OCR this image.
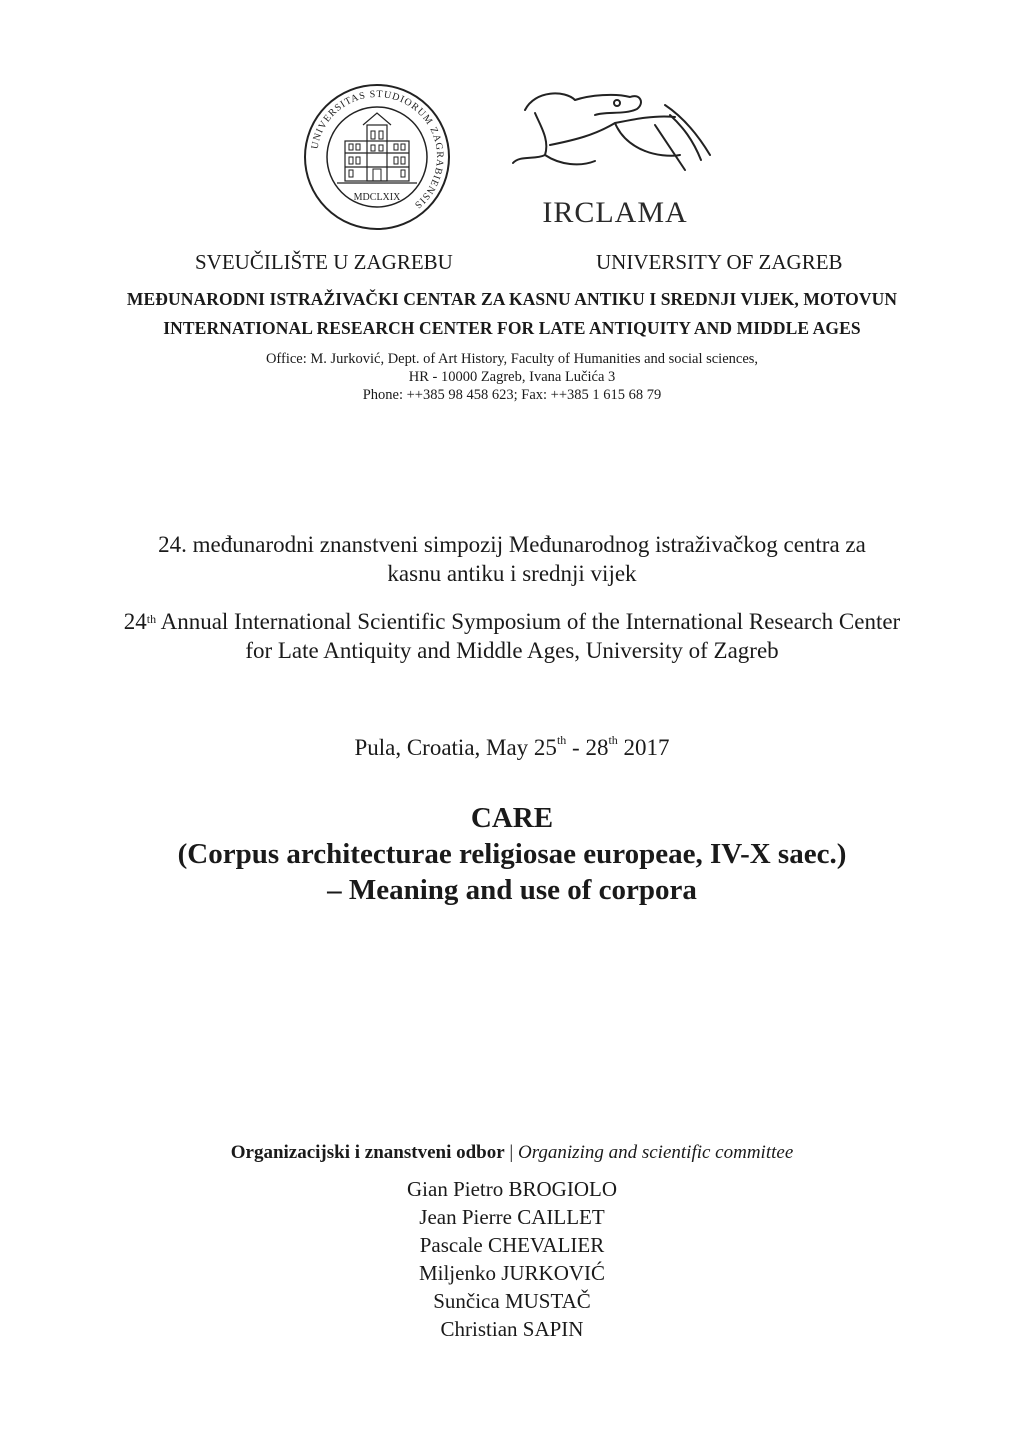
UNIVERSITAS STUDIORUM ZAGRABIENSIS
MDCLXIX	IRCLAMA
SVEUČILIŠTE U ZAGREBU	UNIVERSITY OF ZAGREB
MEĐUNARODNI ISTRAŽIVAČKI CENTAR ZA KASNU ANTIKU I SREDNJI VIJEK, MOTOVUN
INTERNATIONAL RESEARCH CENTER FOR LATE ANTIQUITY AND MIDDLE AGES
Office: M. Jurković, Dept. of Art History, Faculty of Humanities and social sciences,
HR - 10000 Zagreb, Ivana Lučića 3
Phone: ++385 98 458 623; Fax: ++385 1 615 68 79
24. međunarodni znanstveni simpozij Međunarodnog istraživačkog centra za
kasnu antiku i srednji vijek
24th Annual International Scientific Symposium of the International Research Center
for Late Antiquity and Middle Ages, University of Zagreb
Pula, Croatia, May 25th - 28th 2017
CARE
(Corpus architecturae religiosae europeae, IV-X saec.)
– Meaning and use of corpora
Organizacijski i znanstveni odbor | Organizing and scientific committee
Gian Pietro BROGIOLO
Jean Pierre CAILLET
Pascale CHEVALIER
Miljenko JURKOVIĆ
Sunčica MUSTAČ
Christian SAPIN
